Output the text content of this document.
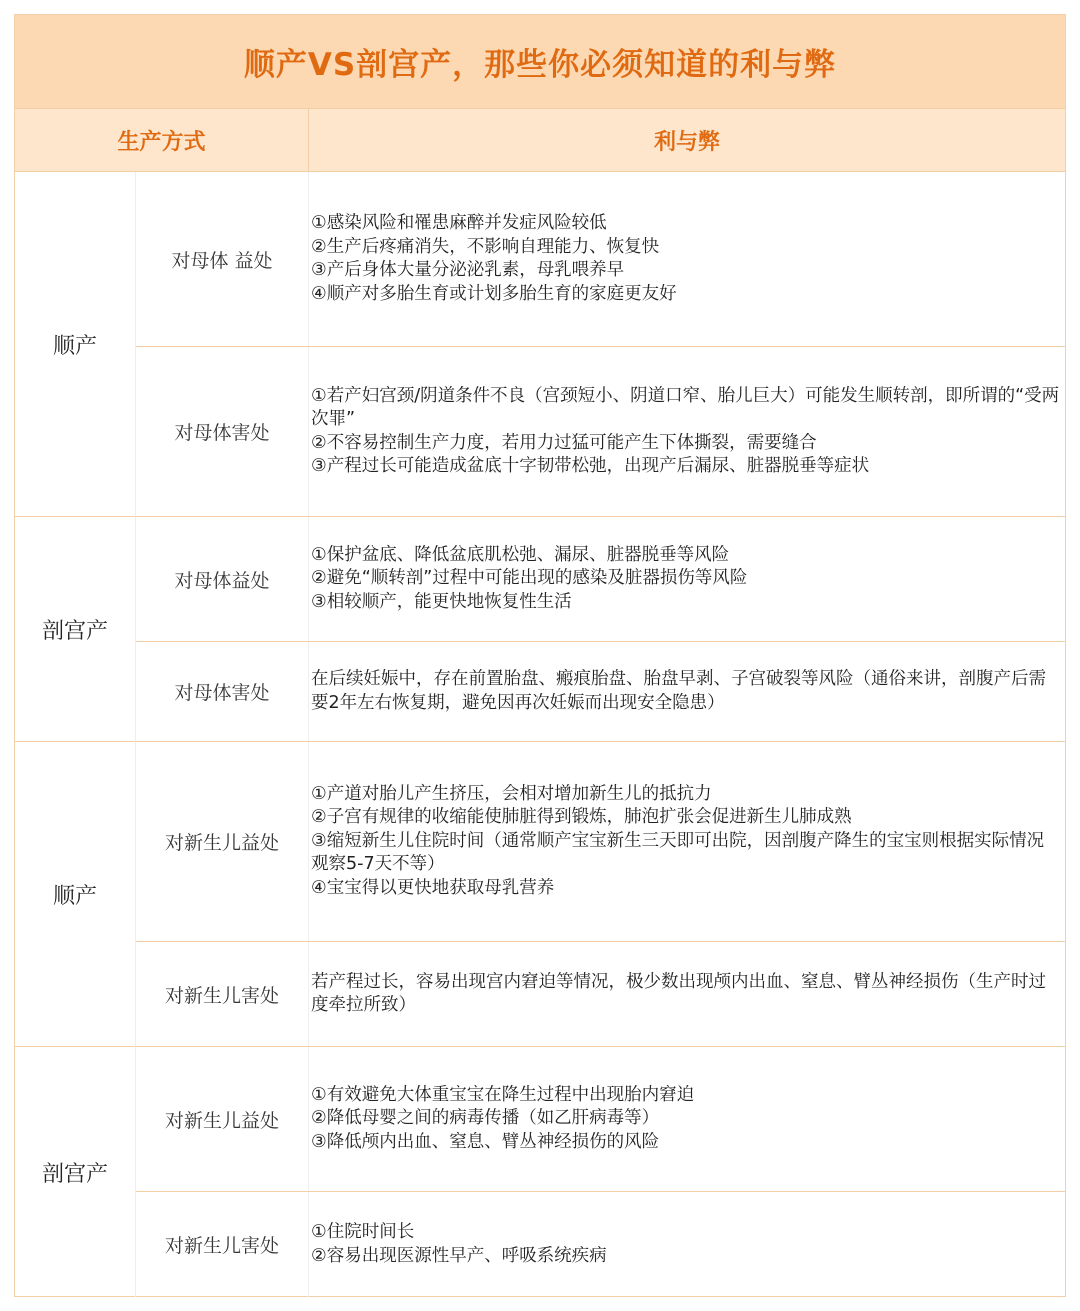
顺产VS剖宫产，那些你必须知道的利与弊
生产方式	利与弊
顺产
对母体 益处
①感染风险和罹患麻醉并发症风险较低
②生产后疼痛消失，不影响自理能力、恢复快
③产后身体大量分泌泌乳素，母乳喂养早
④顺产对多胎生育或计划多胎生育的家庭更友好
对母体害处
①若产妇宫颈/阴道条件不良（宫颈短小、阴道口窄、胎儿巨大）可能发生顺转剖，即所谓的“受两次罪”
②不容易控制生产力度，若用力过猛可能产生下体撕裂，需要缝合
③产程过长可能造成盆底十字韧带松弛，出现产后漏尿、脏器脱垂等症状
剖宫产
对母体益处
①保护盆底、降低盆底肌松弛、漏尿、脏器脱垂等风险
②避免“顺转剖”过程中可能出现的感染及脏器损伤等风险
③相较顺产，能更快地恢复性生活
对母体害处
在后续妊娠中，存在前置胎盘、瘢痕胎盘、胎盘早剥、子宫破裂等风险（通俗来讲，剖腹产后需要2年左右恢复期，避免因再次妊娠而出现安全隐患）
顺产
对新生儿益处
①产道对胎儿产生挤压，会相对增加新生儿的抵抗力
②子宫有规律的收缩能使肺脏得到锻炼，肺泡扩张会促进新生儿肺成熟
③缩短新生儿住院时间（通常顺产宝宝新生三天即可出院，因剖腹产降生的宝宝则根据实际情况观察5-7天不等）
④宝宝得以更快地获取母乳营养
对新生儿害处
若产程过长，容易出现宫内窘迫等情况，极少数出现颅内出血、窒息、臂丛神经损伤（生产时过度牵拉所致）
剖宫产
对新生儿益处
①有效避免大体重宝宝在降生过程中出现胎内窘迫
②降低母婴之间的病毒传播（如乙肝病毒等）
③降低颅内出血、窒息、臂丛神经损伤的风险
对新生儿害处
①住院时间长
②容易出现医源性早产、呼吸系统疾病
